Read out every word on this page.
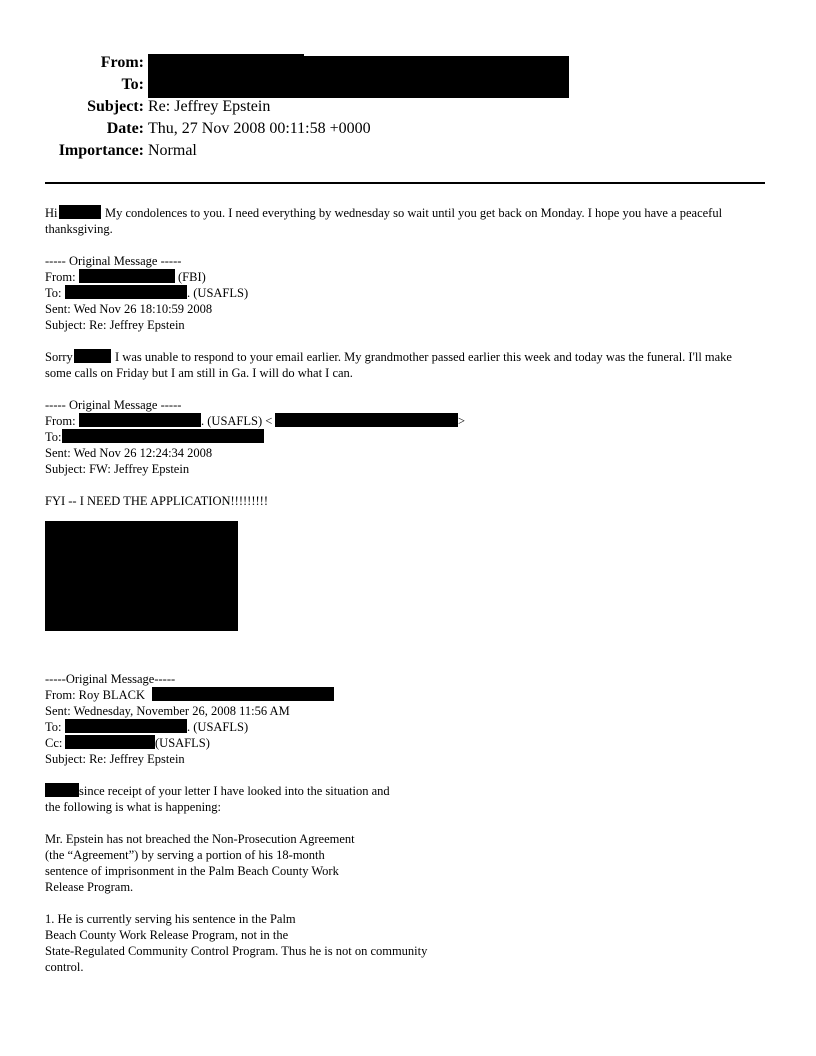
From:
To:
Subject: Re: Jeffrey Epstein
Date: Thu, 27 Nov 2008 00:11:58 +0000
Importance: Normal
Hi	My condolences to you. I need everything by wednesday so wait until you get back on Monday. I hope you have a peaceful
thanksgiving.
----- Original Message -----
From:	(FBI)
To:	. (USAFLS)
Sent: Wed Nov 26 18:10:59 2008
Subject: Re: Jeffrey Epstein
Sorry	I was unable to respond to your email earlier. My grandmother passed earlier this week and today was the funeral. I'll make
some calls on Friday but I am still in Ga. I will do what I can.
----- Original Message -----
From:	. (USAFLS) <	>
To:
Sent: Wed Nov 26 12:24:34 2008
Subject: FW: Jeffrey Epstein
FYI -- I NEED THE APPLICATION!!!!!!!!!
-----Original Message-----
From: Roy BLACK
Sent: Wednesday, November 26, 2008 11:56 AM
To:	. (USAFLS)
Cc:	(USAFLS)
Subject: Re: Jeffrey Epstein
since receipt of your letter I have looked into the situation and
the following is what is happening:
Mr. Epstein has not breached the Non-Prosecution Agreement
(the “Agreement”) by serving a portion of his 18-month
sentence of imprisonment in the Palm Beach County Work
Release Program.
1. He is currently serving his sentence in the Palm
Beach County Work Release Program, not in the
State-Regulated Community Control Program. Thus he is not on community
control.
